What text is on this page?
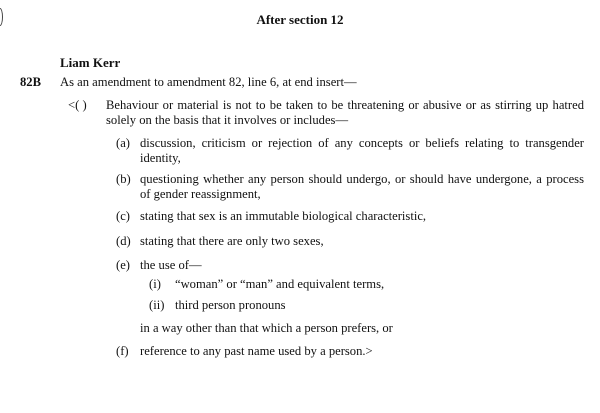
After section 12
Liam Kerr
82B As an amendment to amendment 82, line 6, at end insert—
<( ) Behaviour or material is not to be taken to be threatening or abusive or as stirring up hatred solely on the basis that it involves or includes—
(a) discussion, criticism or rejection of any concepts or beliefs relating to transgender identity,
(b) questioning whether any person should undergo, or should have undergone, a process of gender reassignment,
(c) stating that sex is an immutable biological characteristic,
(d) stating that there are only two sexes,
(e) the use of—
(i) “woman” or “man” and equivalent terms,
(ii) third person pronouns
in a way other than that which a person prefers, or
(f) reference to any past name used by a person.>
